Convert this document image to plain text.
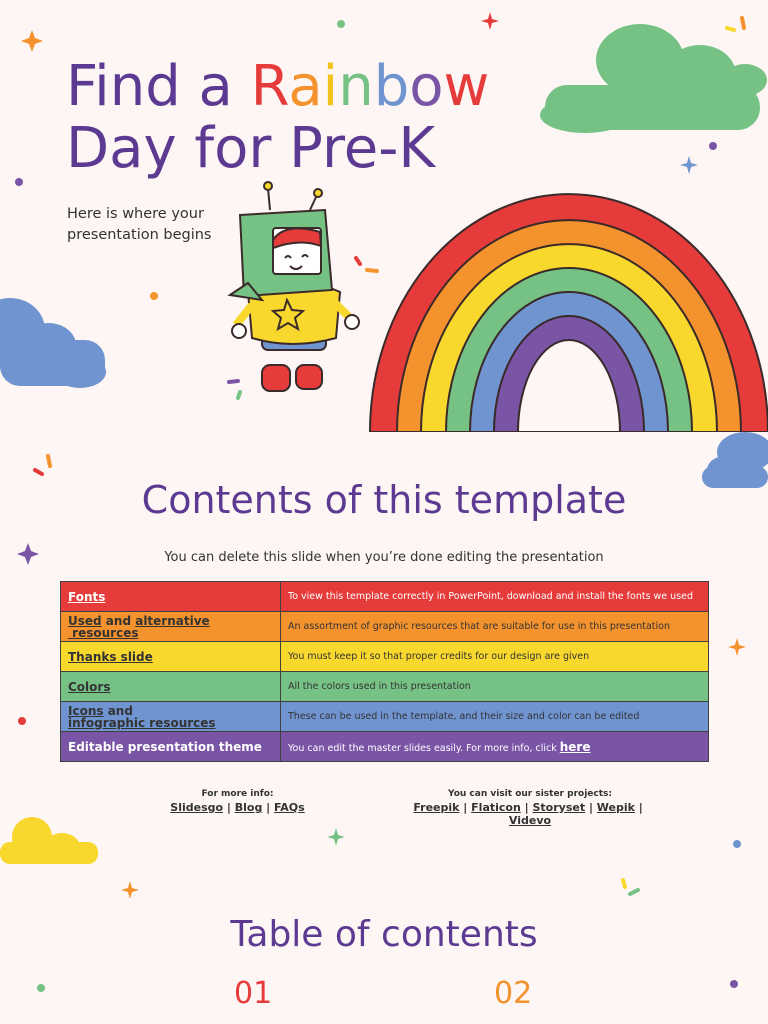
Find a Rainbow
Day for Pre-K
Here is where your
presentation begins
Contents of this template
You can delete this slide when you’re done editing the presentation
Fonts	To view this template correctly in PowerPoint, download and install the fonts we used
Used and alternative
resources	An assortment of graphic resources that are suitable for use in this presentation
Thanks slide	You must keep it so that proper credits for our design are given
Colors	All the colors used in this presentation
Icons and
infographic resources	These can be used in the template, and their size and color can be edited
Editable presentation theme	You can edit the master slides easily. For more info, click here
For more info:
Slidesgo | Blog | FAQs
You can visit our sister projects:
Freepik | Flaticon | Storyset | Wepik |
Videvo
Table of contents
01	02
